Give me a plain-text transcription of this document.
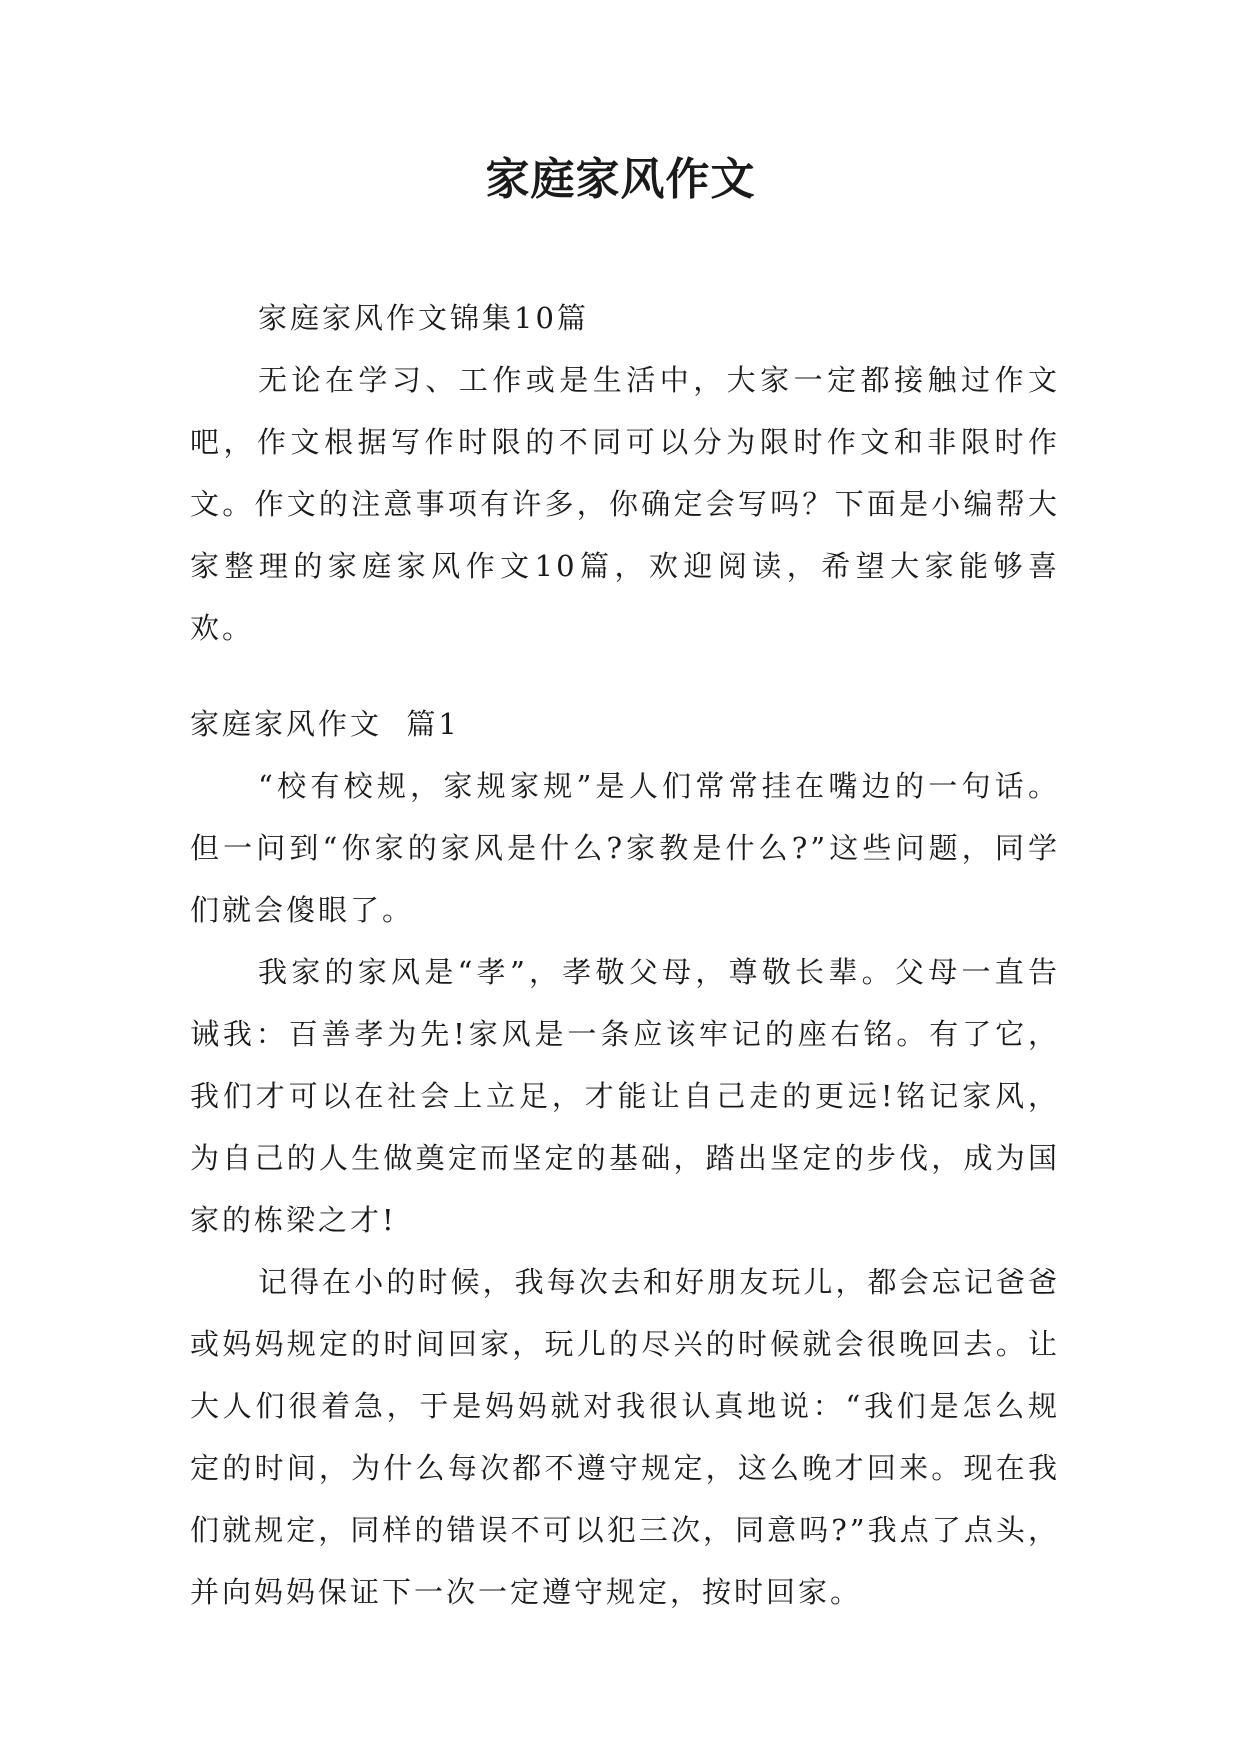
家庭家风作文

家庭家风作文锦集10篇

无论在学习、工作或是生活中，大家一定都接触过作文吧，作文根据写作时限的不同可以分为限时作文和非限时作文。作文的注意事项有许多，你确定会写吗？下面是小编帮大家整理的家庭家风作文10篇，欢迎阅读，希望大家能够喜欢。

家庭家风作文  篇1

“校有校规，家规家规”是人们常常挂在嘴边的一句话。但一问到“你家的家风是什么?家教是什么?”这些问题，同学们就会傻眼了。

我家的家风是“孝”，孝敬父母，尊敬长辈。父母一直告诫我：百善孝为先!家风是一条应该牢记的座右铭。有了它，我们才可以在社会上立足，才能让自己走的更远!铭记家风，为自己的人生做奠定而坚定的基础，踏出坚定的步伐，成为国家的栋梁之才!

记得在小的时候，我每次去和好朋友玩儿，都会忘记爸爸或妈妈规定的时间回家，玩儿的尽兴的时候就会很晚回去。让大人们很着急，于是妈妈就对我很认真地说：“我们是怎么规定的时间，为什么每次都不遵守规定，这么晚才回来。现在我们就规定，同样的错误不可以犯三次，同意吗?”我点了点头，并向妈妈保证下一次一定遵守规定，按时回家。
